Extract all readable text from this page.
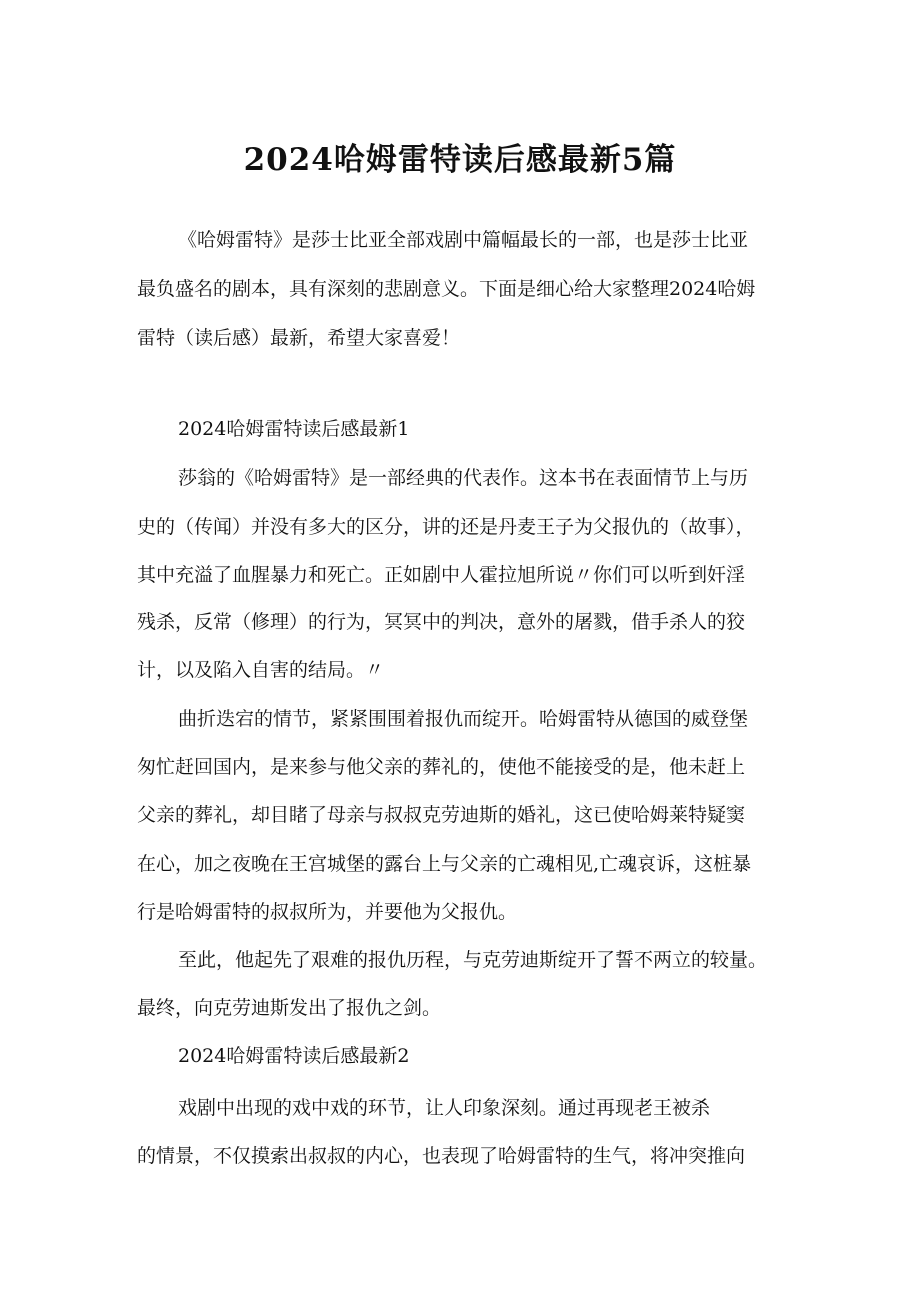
2024哈姆雷特读后感最新5篇
《哈姆雷特》是莎士比亚全部戏剧中篇幅最长的一部，也是莎士比亚
最负盛名的剧本，具有深刻的悲剧意义。下面是细心给大家整理2024哈姆
雷特（读后感）最新，希望大家喜爱！
2024哈姆雷特读后感最新1
莎翁的《哈姆雷特》是一部经典的代表作。这本书在表面情节上与历
史的（传闻）并没有多大的区分，讲的还是丹麦王子为父报仇的（故事），
其中充溢了血腥暴力和死亡。正如剧中人霍拉旭所说〃你们可以听到奸淫
残杀，反常（修理）的行为，冥冥中的判决，意外的屠戮，借手杀人的狡
计，以及陷入自害的结局。〃
曲折迭宕的情节，紧紧围围着报仇而绽开。哈姆雷特从德国的威登堡
匆忙赶回国内，是来参与他父亲的葬礼的，使他不能接受的是，他未赶上
父亲的葬礼，却目睹了母亲与叔叔克劳迪斯的婚礼，这已使哈姆莱特疑窦
在心，加之夜晚在王宫城堡的露台上与父亲的亡魂相见,亡魂哀诉，这桩暴
行是哈姆雷特的叔叔所为，并要他为父报仇。
至此，他起先了艰难的报仇历程，与克劳迪斯绽开了誓不两立的较量。
最终，向克劳迪斯发出了报仇之剑。
2024哈姆雷特读后感最新2
戏剧中出现的戏中戏的环节，让人印象深刻。通过再现老王被杀
的情景，不仅摸索出叔叔的内心，也表现了哈姆雷特的生气，将冲突推向
